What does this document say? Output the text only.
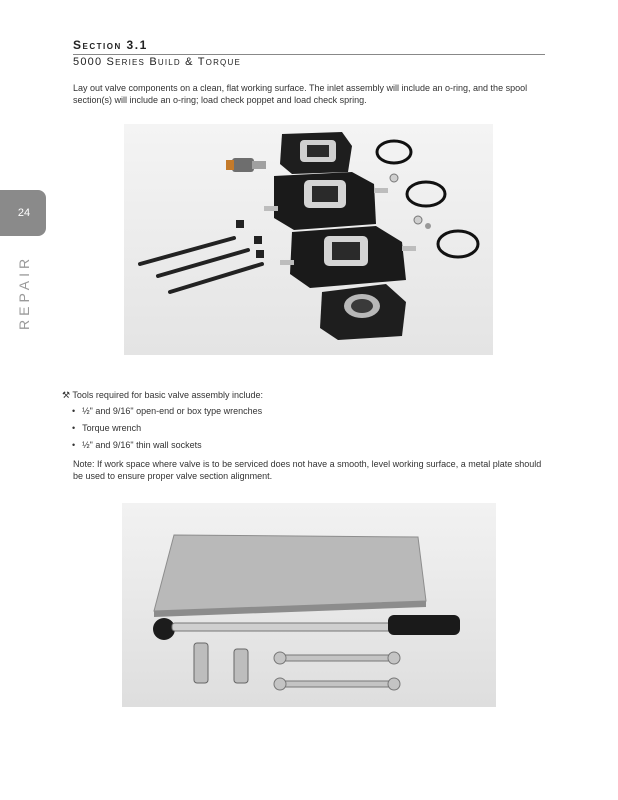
24
REPAIR
Section 3.1
5000 Series Build & Torque
Lay out valve components on a clean, flat working surface. The inlet assembly will include an o-ring, and the spool section(s) will include an o-ring; load check poppet and load check spring.
⚒ Tools required for basic valve assembly include:
• ½" and 9/16" open-end or box type wrenches
• Torque wrench
• ½" and 9/16" thin wall sockets
Note: If work space where valve is to be serviced does not have a smooth, level working surface, a metal plate should be used to ensure proper valve section alignment.
